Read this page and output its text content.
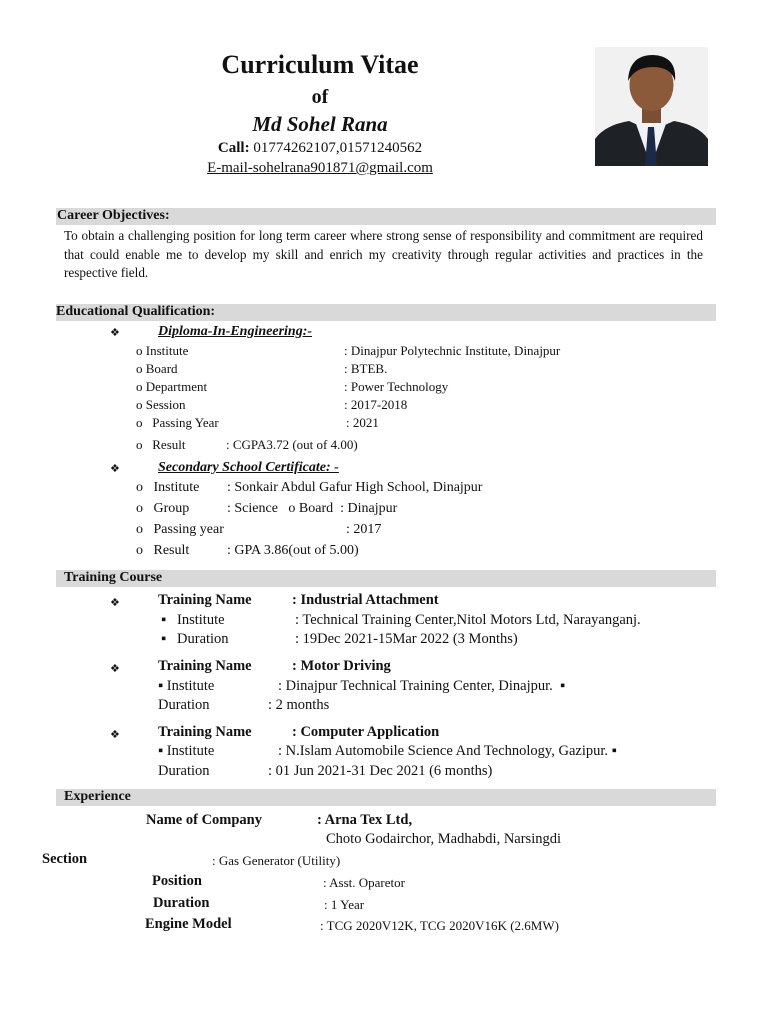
Curriculum Vitae
of
Md Sohel Rana
Call: 01774262107,01571240562
E-mail-sohelrana901871@gmail.com
Career Objectives:
To obtain a challenging position for long term career where strong sense of responsibility and commitment are required that could enable me to develop my skill and enrich my creativity through regular activities and practices in the respective field.
Educational Qualification:
❖	Diploma-In-Engineering:-
o Institute	: Dinajpur Polytechnic Institute, Dinajpur
o Board	: BTEB.
o Department	: Power Technology
o Session	: 2017-2018
o   Passing Year	: 2021
o   Result	: CGPA3.72 (out of 4.00)
❖	Secondary School Certificate: -
o   Institute : Sonkair Abdul Gafur High School, Dinajpur
o   Group	: Science   o Board  : Dinajpur
o   Passing year	: 2017
o   Result	: GPA 3.86(out of 5.00)
Training Course
❖	Training Name	: Industrial Attachment
▪   Institute	: Technical Training Center,Nitol Motors Ltd, Narayanganj.
▪   Duration	: 19Dec 2021-15Mar 2022 (3 Months)
❖	Training Name	: Motor Driving
▪ Institute	: Dinajpur Technical Training Center, Dinajpur.  ▪
Duration	: 2 months
❖	Training Name	: Computer Application
▪ Institute	: N.Islam Automobile Science And Technology, Gazipur. ▪
Duration	: 01 Jun 2021-31 Dec 2021 (6 months)
Experience
Name of Company	: Arna Tex Ltd,
Choto Godairchor, Madhabdi, Narsingdi
Section	: Gas Generator (Utility)
Position	: Asst. Oparetor
Duration	: 1 Year
Engine Model	: TCG 2020V12K, TCG 2020V16K (2.6MW)
